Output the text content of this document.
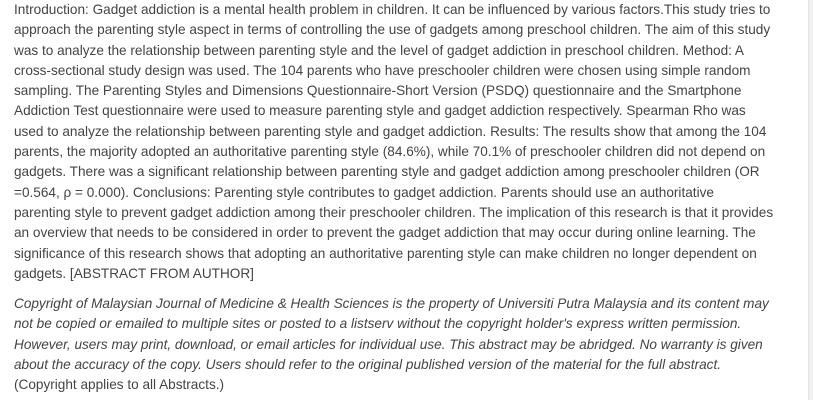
Introduction: Gadget addiction is a mental health problem in children. It can be influenced by various factors.This study tries to approach the parenting style aspect in terms of controlling the use of gadgets among preschool children. The aim of this study was to analyze the relationship between parenting style and the level of gadget addiction in preschool children. Method: A cross-sectional study design was used. The 104 parents who have preschooler children were chosen using simple random sampling. The Parenting Styles and Dimensions Questionnaire-Short Version (PSDQ) questionnaire and the Smartphone Addiction Test questionnaire were used to measure parenting style and gadget addiction respectively. Spearman Rho was used to analyze the relationship between parenting style and gadget addiction. Results: The results show that among the 104 parents, the majority adopted an authoritative parenting style (84.6%), while 70.1% of preschooler children did not depend on gadgets. There was a significant relationship between parenting style and gadget addiction among preschooler children (OR =0.564, ρ = 0.000). Conclusions: Parenting style contributes to gadget addiction. Parents should use an authoritative parenting style to prevent gadget addiction among their preschooler children. The implication of this research is that it provides an overview that needs to be considered in order to prevent the gadget addiction that may occur during online learning. The significance of this research shows that adopting an authoritative parenting style can make children no longer dependent on gadgets. [ABSTRACT FROM AUTHOR]

Copyright of Malaysian Journal of Medicine & Health Sciences is the property of Universiti Putra Malaysia and its content may not be copied or emailed to multiple sites or posted to a listserv without the copyright holder's express written permission. However, users may print, download, or email articles for individual use. This abstract may be abridged. No warranty is given about the accuracy of the copy. Users should refer to the original published version of the material for the full abstract. (Copyright applies to all Abstracts.)
